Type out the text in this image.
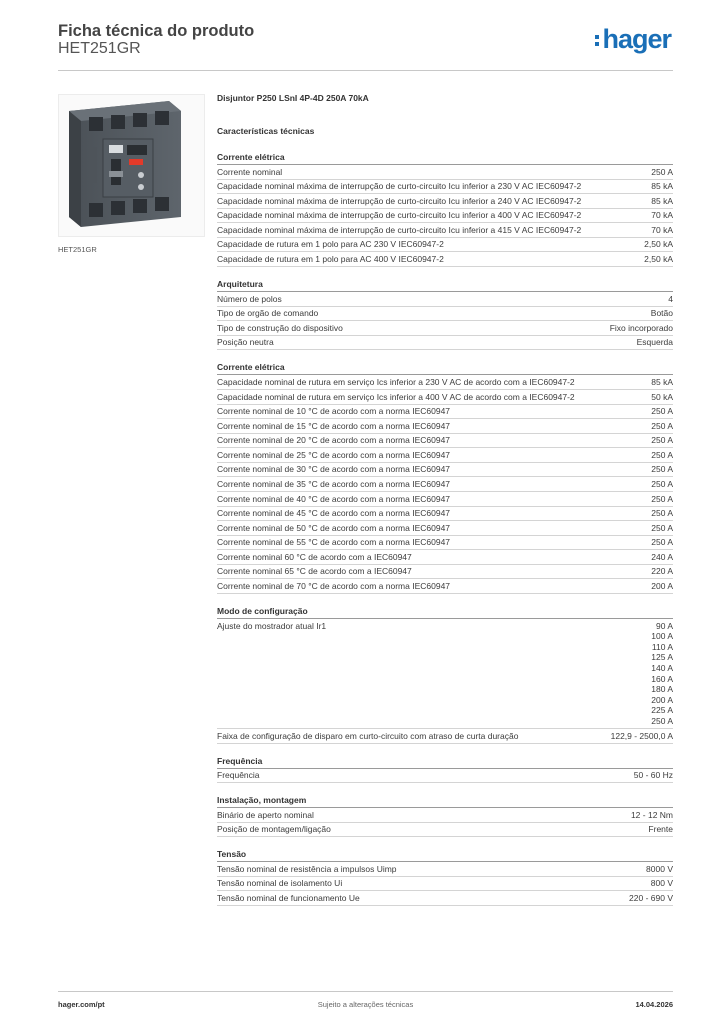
Ficha técnica do produto
HET251GR	hager
HET251GR
Disjuntor P250 LSnI 4P-4D 250A 70kA
Características técnicas
Corrente elétrica
Corrente nominal	250 A
Capacidade nominal máxima de interrupção de curto-circuito Icu inferior a 230 V AC IEC60947-2	85 kA
Capacidade nominal máxima de interrupção de curto-circuito Icu inferior a 240 V AC IEC60947-2	85 kA
Capacidade nominal máxima de interrupção de curto-circuito Icu inferior a 400 V AC IEC60947-2	70 kA
Capacidade nominal máxima de interrupção de curto-circuito Icu inferior a 415 V AC IEC60947-2	70 kA
Capacidade de rutura em 1 polo para AC 230 V IEC60947-2	2,50 kA
Capacidade de rutura em 1 polo para AC 400 V IEC60947-2	2,50 kA
Arquitetura
Número de polos	4
Tipo de orgão de comando	Botão
Tipo de construção do dispositivo	Fixo incorporado
Posição neutra	Esquerda
Corrente elétrica
Capacidade nominal de rutura em serviço Ics inferior a 230 V AC de acordo com a IEC60947-2	85 kA
Capacidade nominal de rutura em serviço Ics inferior a 400 V AC de acordo com a IEC60947-2	50 kA
Corrente nominal de 10 °C de acordo com a norma IEC60947	250 A
Corrente nominal de 15 °C de acordo com a norma IEC60947	250 A
Corrente nominal de 20 °C de acordo com a norma IEC60947	250 A
Corrente nominal de 25 °C de acordo com a norma IEC60947	250 A
Corrente nominal de 30 °C de acordo com a norma IEC60947	250 A
Corrente nominal de 35 °C de acordo com a norma IEC60947	250 A
Corrente nominal de 40 °C de acordo com a norma IEC60947	250 A
Corrente nominal de 45 °C de acordo com a norma IEC60947	250 A
Corrente nominal de 50 °C de acordo com a norma IEC60947	250 A
Corrente nominal de 55 °C de acordo com a norma IEC60947	250 A
Corrente nominal 60 °C de acordo com a IEC60947	240 A
Corrente nominal 65 °C de acordo com a IEC60947	220 A
Corrente nominal de 70 °C de acordo com a norma IEC60947	200 A
Modo de configuração
Ajuste do mostrador atual Ir1	90 A
100 A
110 A
125 A
140 A
160 A
180 A
200 A
225 A
250 A
Faixa de configuração de disparo em curto-circuito com atraso de curta duração	122,9 - 2500,0 A
Frequência
Frequência	50 - 60 Hz
Instalação, montagem
Binário de aperto nominal	12 - 12 Nm
Posição de montagem/ligação	Frente
Tensão
Tensão nominal de resistência a impulsos Uimp	8000 V
Tensão nominal de isolamento Ui	800 V
Tensão nominal de funcionamento Ue	220 - 690 V
hager.com/pt	Sujeito a alterações técnicas	14.04.2026
